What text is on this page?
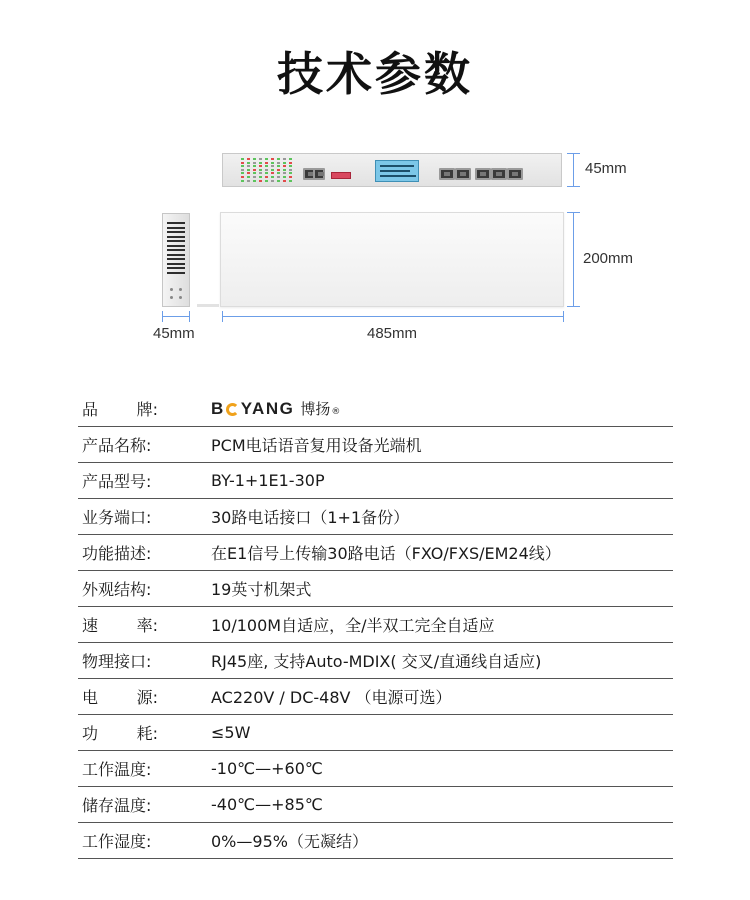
技术参数
45mm
200mm
45mm	485mm
品 牌:	B YANG 博扬 ®
产品名称:	PCM电话语音复用设备光端机
产品型号:	BY-1+1E1-30P
业务端口:	30路电话接口（1+1备份）
功能描述:	在E1信号上传输30路电话（FXO/FXS/EM24线）
外观结构:	19英寸机架式
速 率:	10/100M自适应，全/半双工完全自适应
物理接口:	RJ45座, 支持Auto-MDIX( 交叉/直通线自适应)
电 源:	AC220V / DC-48V （电源可选）
功 耗:	≤5W
工作温度:	-10℃—+60℃
储存温度:	-40℃—+85℃
工作湿度:	0%—95%（无凝结）
